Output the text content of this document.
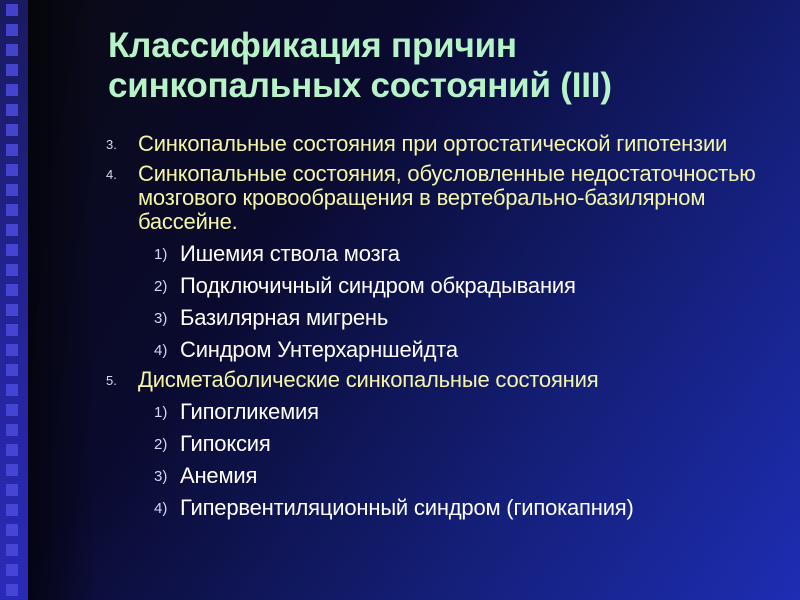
Классификация причин
синкопальных состояний (III)
3. Синкопальные состояния при ортостатической гипотензии
4. Синкопальные состояния, обусловленные недостаточностью мозгового кровообращения в вертебрально-базилярном бассейне.
1) Ишемия ствола мозга
2) Подключичный синдром обкрадывания
3) Базилярная мигрень
4) Синдром Унтерхарншейдта
5. Дисметаболические синкопальные состояния
1) Гипогликемия
2) Гипоксия
3) Анемия
4) Гипервентиляционный синдром (гипокапния)
